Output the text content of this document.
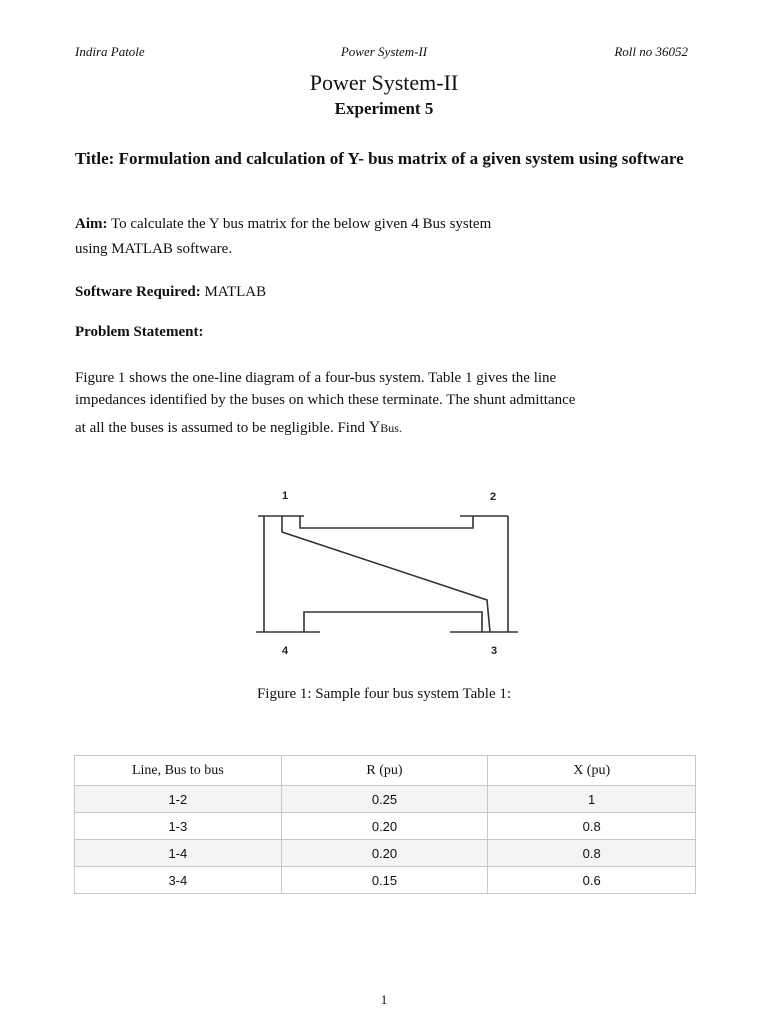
Power System-II
Indira Patole	Roll no 36052
Power System-II
Experiment 5
Title: Formulation and calculation of Y- bus matrix of a given system using software
Aim: To calculate the Y bus matrix for the below given 4 Bus system
using MATLAB software.
Software Required: MATLAB
Problem Statement:
Figure 1 shows the one-line diagram of a four-bus system. Table 1 gives the line
impedances identified by the buses on which these terminate. The shunt admittance
at all the buses is assumed to be negligible. Find YBus.
1	2
3
4
Figure 1: Sample four bus system Table 1:
Line, Bus to bus	R (pu)	X (pu)
1-2	0.25	1
1-3	0.20	0.8
1-4	0.20	0.8
3-4	0.15	0.6
1
